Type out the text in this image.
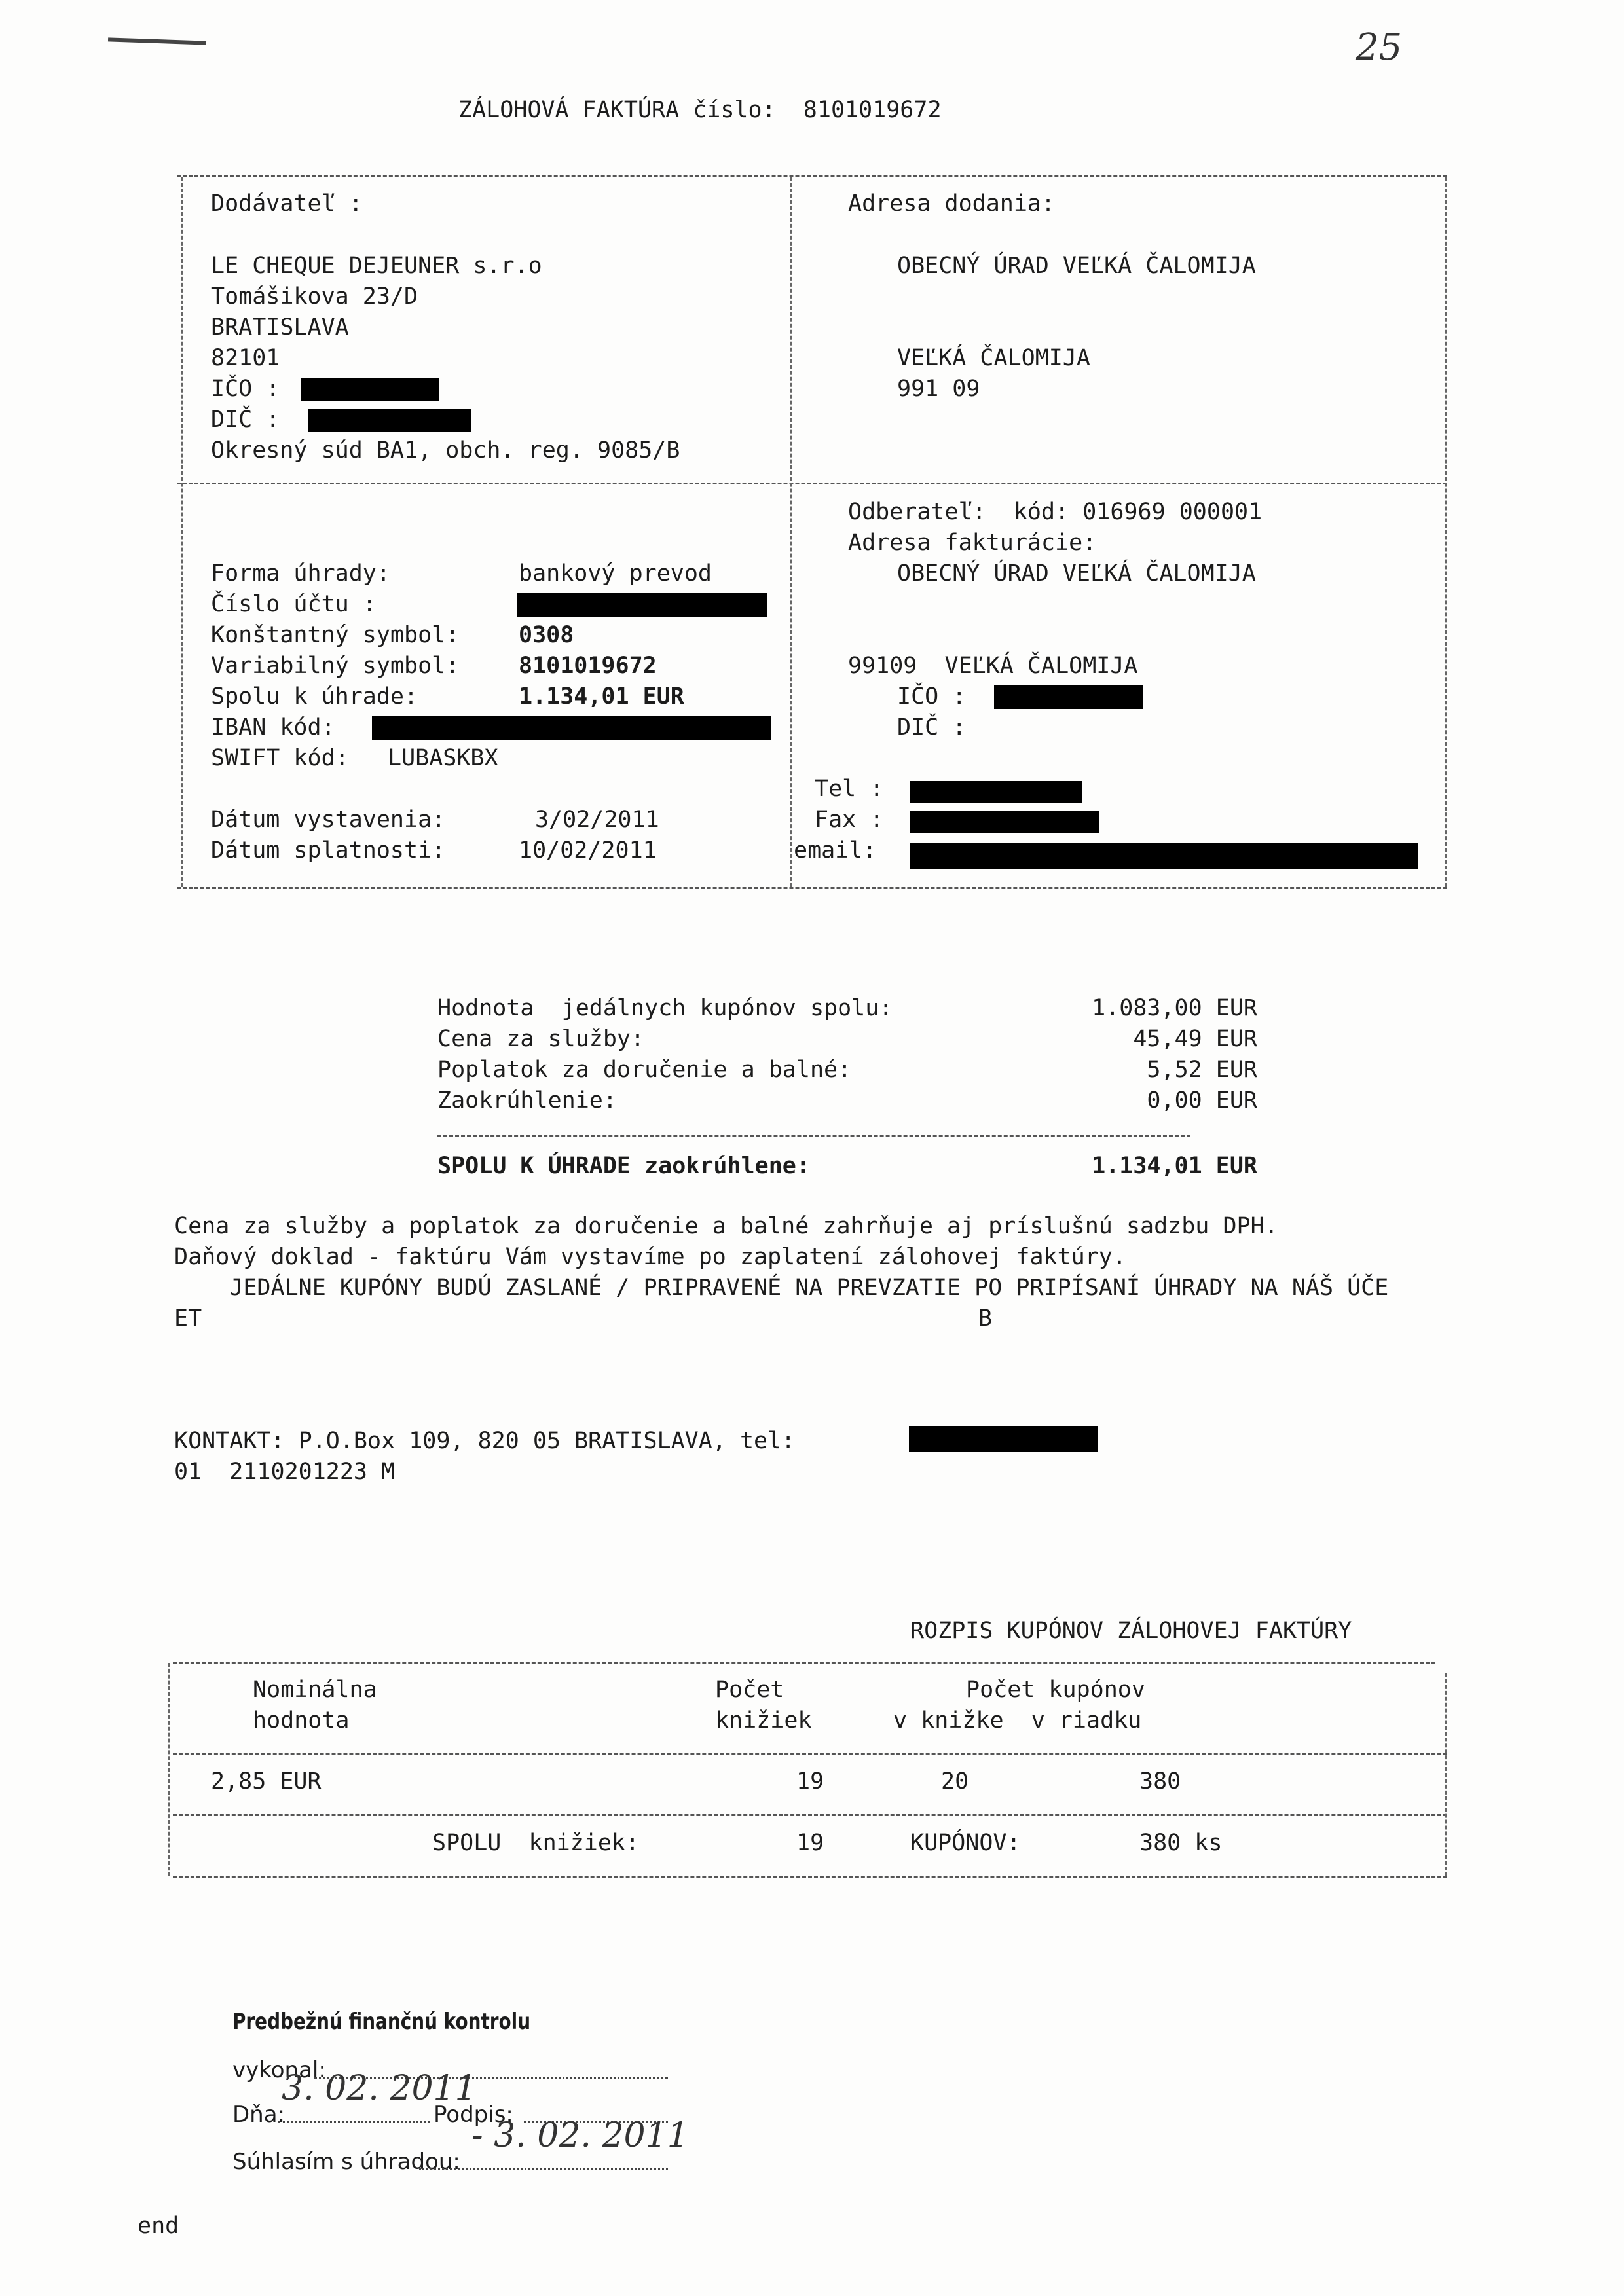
25
ZÁLOHOVÁ FAKTÚRA číslo:  8101019672
Dodávateľ :
LE CHEQUE DEJEUNER s.r.o
Tomášikova 23/D
BRATISLAVA
82101
IČO :
DIČ :
Okresný súd BA1, obch. reg. 9085/B
Adresa dodania:
OBECNÝ ÚRAD VEĽKÁ ČALOMIJA
VEĽKÁ ČALOMIJA
991 09
Forma úhrady:	bankový prevod
Číslo účtu :
Konštantný symbol:	0308
Variabilný symbol:	8101019672
Spolu k úhrade:	1.134,01 EUR
IBAN kód:
SWIFT kód: LUBASKBX
Dátum vystavenia:	3/02/2011
Dátum splatnosti:	10/02/2011
Odberateľ:  kód: 016969 000001
Adresa fakturácie:
OBECNÝ ÚRAD VEĽKÁ ČALOMIJA
99109  VEĽKÁ ČALOMIJA
IČO :
DIČ :
Tel :
Fax :
email:
Hodnota  jedálnych kupónov spolu:	1.083,00 EUR
Cena za služby:	45,49 EUR
Poplatok za doručenie a balné:	5,52 EUR
Zaokrúhlenie:	0,00 EUR
SPOLU K ÚHRADE zaokrúhlene:	1.134,01 EUR
Cena za služby a poplatok za doručenie a balné zahrňuje aj príslušnú sadzbu DPH.
Daňový doklad - faktúru Vám vystavíme po zaplatení zálohovej faktúry.
JEDÁLNE KUPÓNY BUDÚ ZASLANÉ / PRIPRAVENÉ NA PREVZATIE PO PRIPÍSANÍ ÚHRADY NA NÁŠ ÚČE
ET	B
KONTAKT: P.O.Box 109, 820 05 BRATISLAVA, tel:
01  2110201223 M
ROZPIS KUPÓNOV ZÁLOHOVEJ FAKTÚRY
Nominálna
hodnota
Počet
knižiek
Počet kupónov
v knižke  v riadku
2,85 EUR	19	20	380
SPOLU  knižiek:	19	KUPÓNOV:	380 ks
Predbežnú finančnú kontrolu
vykonal:
Dňa:
3. 02. 2011
Podpis:
Súhlasím s úhradou:
- 3. 02. 2011
end
